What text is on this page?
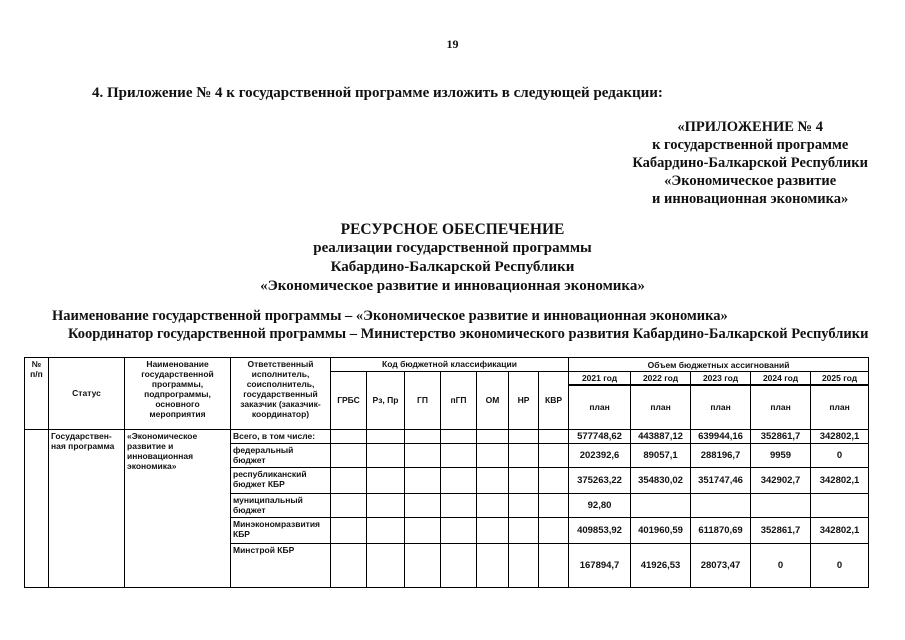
19
4. Приложение № 4 к государственной программе изложить в следующей редакции:
«ПРИЛОЖЕНИЕ № 4
к государственной программе
Кабардино-Балкарской Республики
«Экономическое развитие
и инновационная экономика»
РЕСУРСНОЕ ОБЕСПЕЧЕНИЕ
реализации государственной программы
Кабардино-Балкарской Республики
«Экономическое развитие и инновационная экономика»
Наименование государственной программы – «Экономическое развитие и инновационная экономика»
Координатор государственной программы – Министерство экономического развития Кабардино-Балкарской Республики
№ п/п	Статус	Наименование государственной программы, подпрограммы, основного мероприятия	Ответственный исполнитель, соисполнитель, государственный заказчик (заказчик-координатор)	Код бюджетной классификации							Объем бюджетных ассигнований				
				ГРБС	Рз, Пр	ГП	пГП	ОМ	НР	КВР	2021 год	2022 год	2023 год	2024 год	2025 год
											план	план	план	план	план
	Государствен-ная программа	«Экономическое развитие и инновационная экономика»	Всего, в том числе:								577748,62	443887,12	639944,16	352861,7	342802,1
			федеральный бюджет								202392,6	89057,1	288196,7	9959	0
			республиканский бюджет КБР								375263,22	354830,02	351747,46	342902,7	342802,1
			муниципальный бюджет								92,80				
			Минэкономразвития КБР								409853,92	401960,59	611870,69	352861,7	342802,1
			Минстрой КБР								167894,7	41926,53	28073,47	0	0
